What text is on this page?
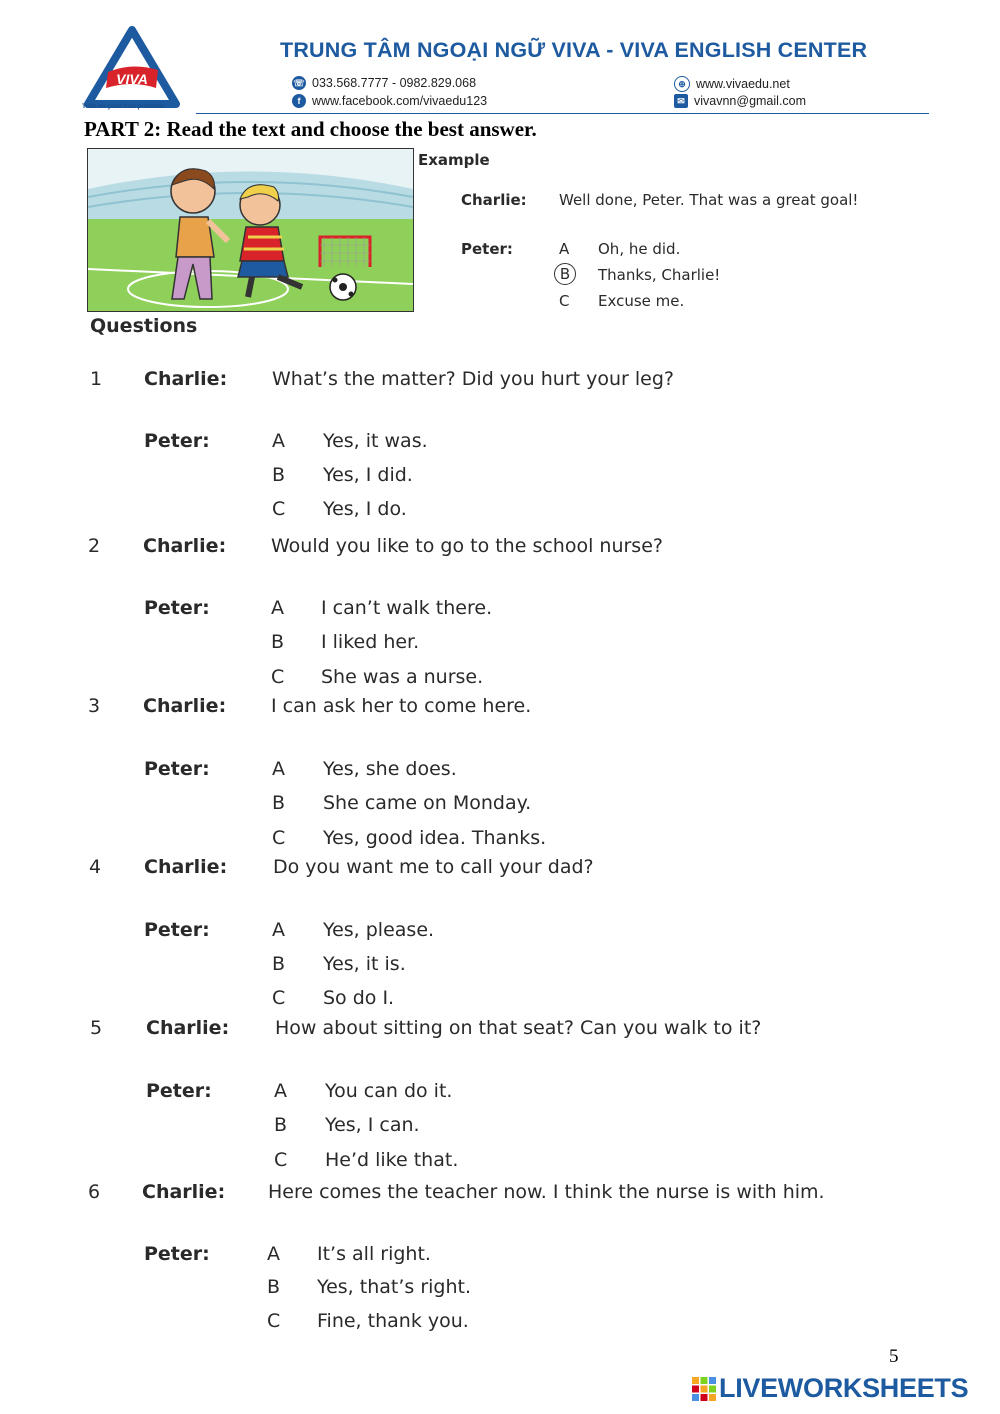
VIVA
Turn on your true potential
TRUNG TÂM NGOẠI NGỮ VIVA - VIVA ENGLISH CENTER
☏ 033.568.7777 - 0982.829.068
f www.facebook.com/vivaedu123
⊕ www.vivaedu.net
✉ vivavnn@gmail.com
PART 2: Read the text and choose the best answer.
Example
Charlie: Well done, Peter. That was a great goal!
Peter:	A Oh, he did.
B	Thanks, Charlie!
C Excuse me.
Questions
1 Charlie: What’s the matter? Did you hurt your leg?
Peter:	A Yes, it was.
B Yes, I did.
C Yes, I do.
2 Charlie: Would you like to go to the school nurse?
Peter:	A I can’t walk there.
B I liked her.
C She was a nurse.
3 Charlie: I can ask her to come here.
Peter:	A Yes, she does.
B She came on Monday.
C Yes, good idea. Thanks.
4 Charlie: Do you want me to call your dad?
Peter:	A Yes, please.
B Yes, it is.
C So do I.
5 Charlie: How about sitting on that seat? Can you walk to it?
Peter:	A You can do it.
B Yes, I can.
C He’d like that.
6 Charlie: Here comes the teacher now. I think the nurse is with him.
Peter:	A It’s all right.
B Yes, that’s right.
C Fine, thank you.
5
LIVEWORKSHEETS
